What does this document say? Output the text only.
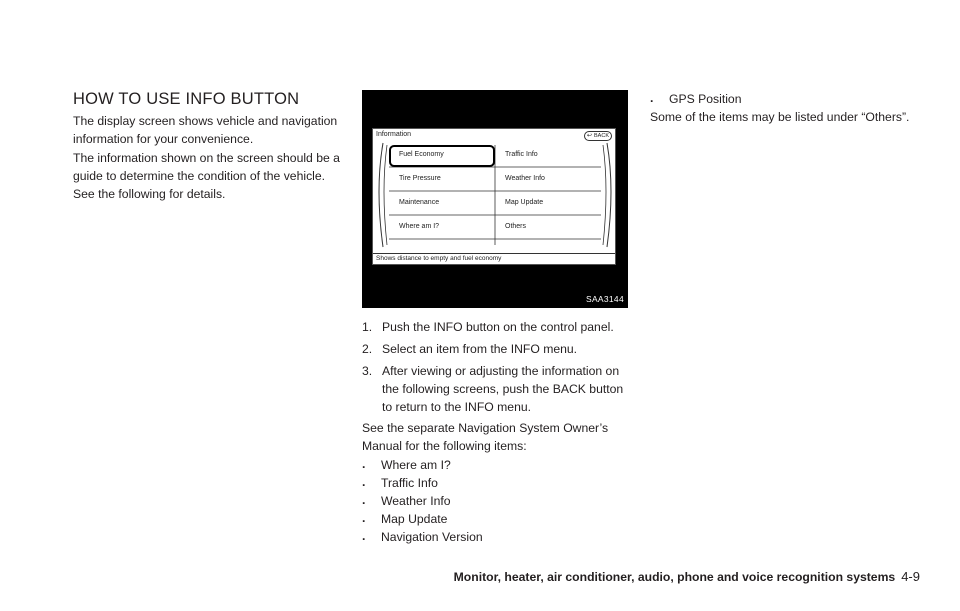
HOW TO USE INFO BUTTON

The display screen shows vehicle and navigation information for your convenience.

The information shown on the screen should be a guide to determine the condition of the vehicle. See the following for details.

Information	↩ BACK
Fuel Economy
Tire Pressure
Maintenance
Where am I?
Traffic Info
Weather Info
Map Update
Others
Shows distance to empty and fuel economy
SAA3144
1. Push the INFO button on the control panel.
2. Select an item from the INFO menu.
3. After viewing or adjusting the information on the following screens, push the BACK button to return to the INFO menu.

See the separate Navigation System Owner’s Manual for the following items:

. Where am I?
. Traffic Info
. Weather Info
. Map Update
. Navigation Version
. GPS Position

Some of the items may be listed under “Others”.

Monitor, heater, air conditioner, audio, phone and voice recognition systems 4-9
